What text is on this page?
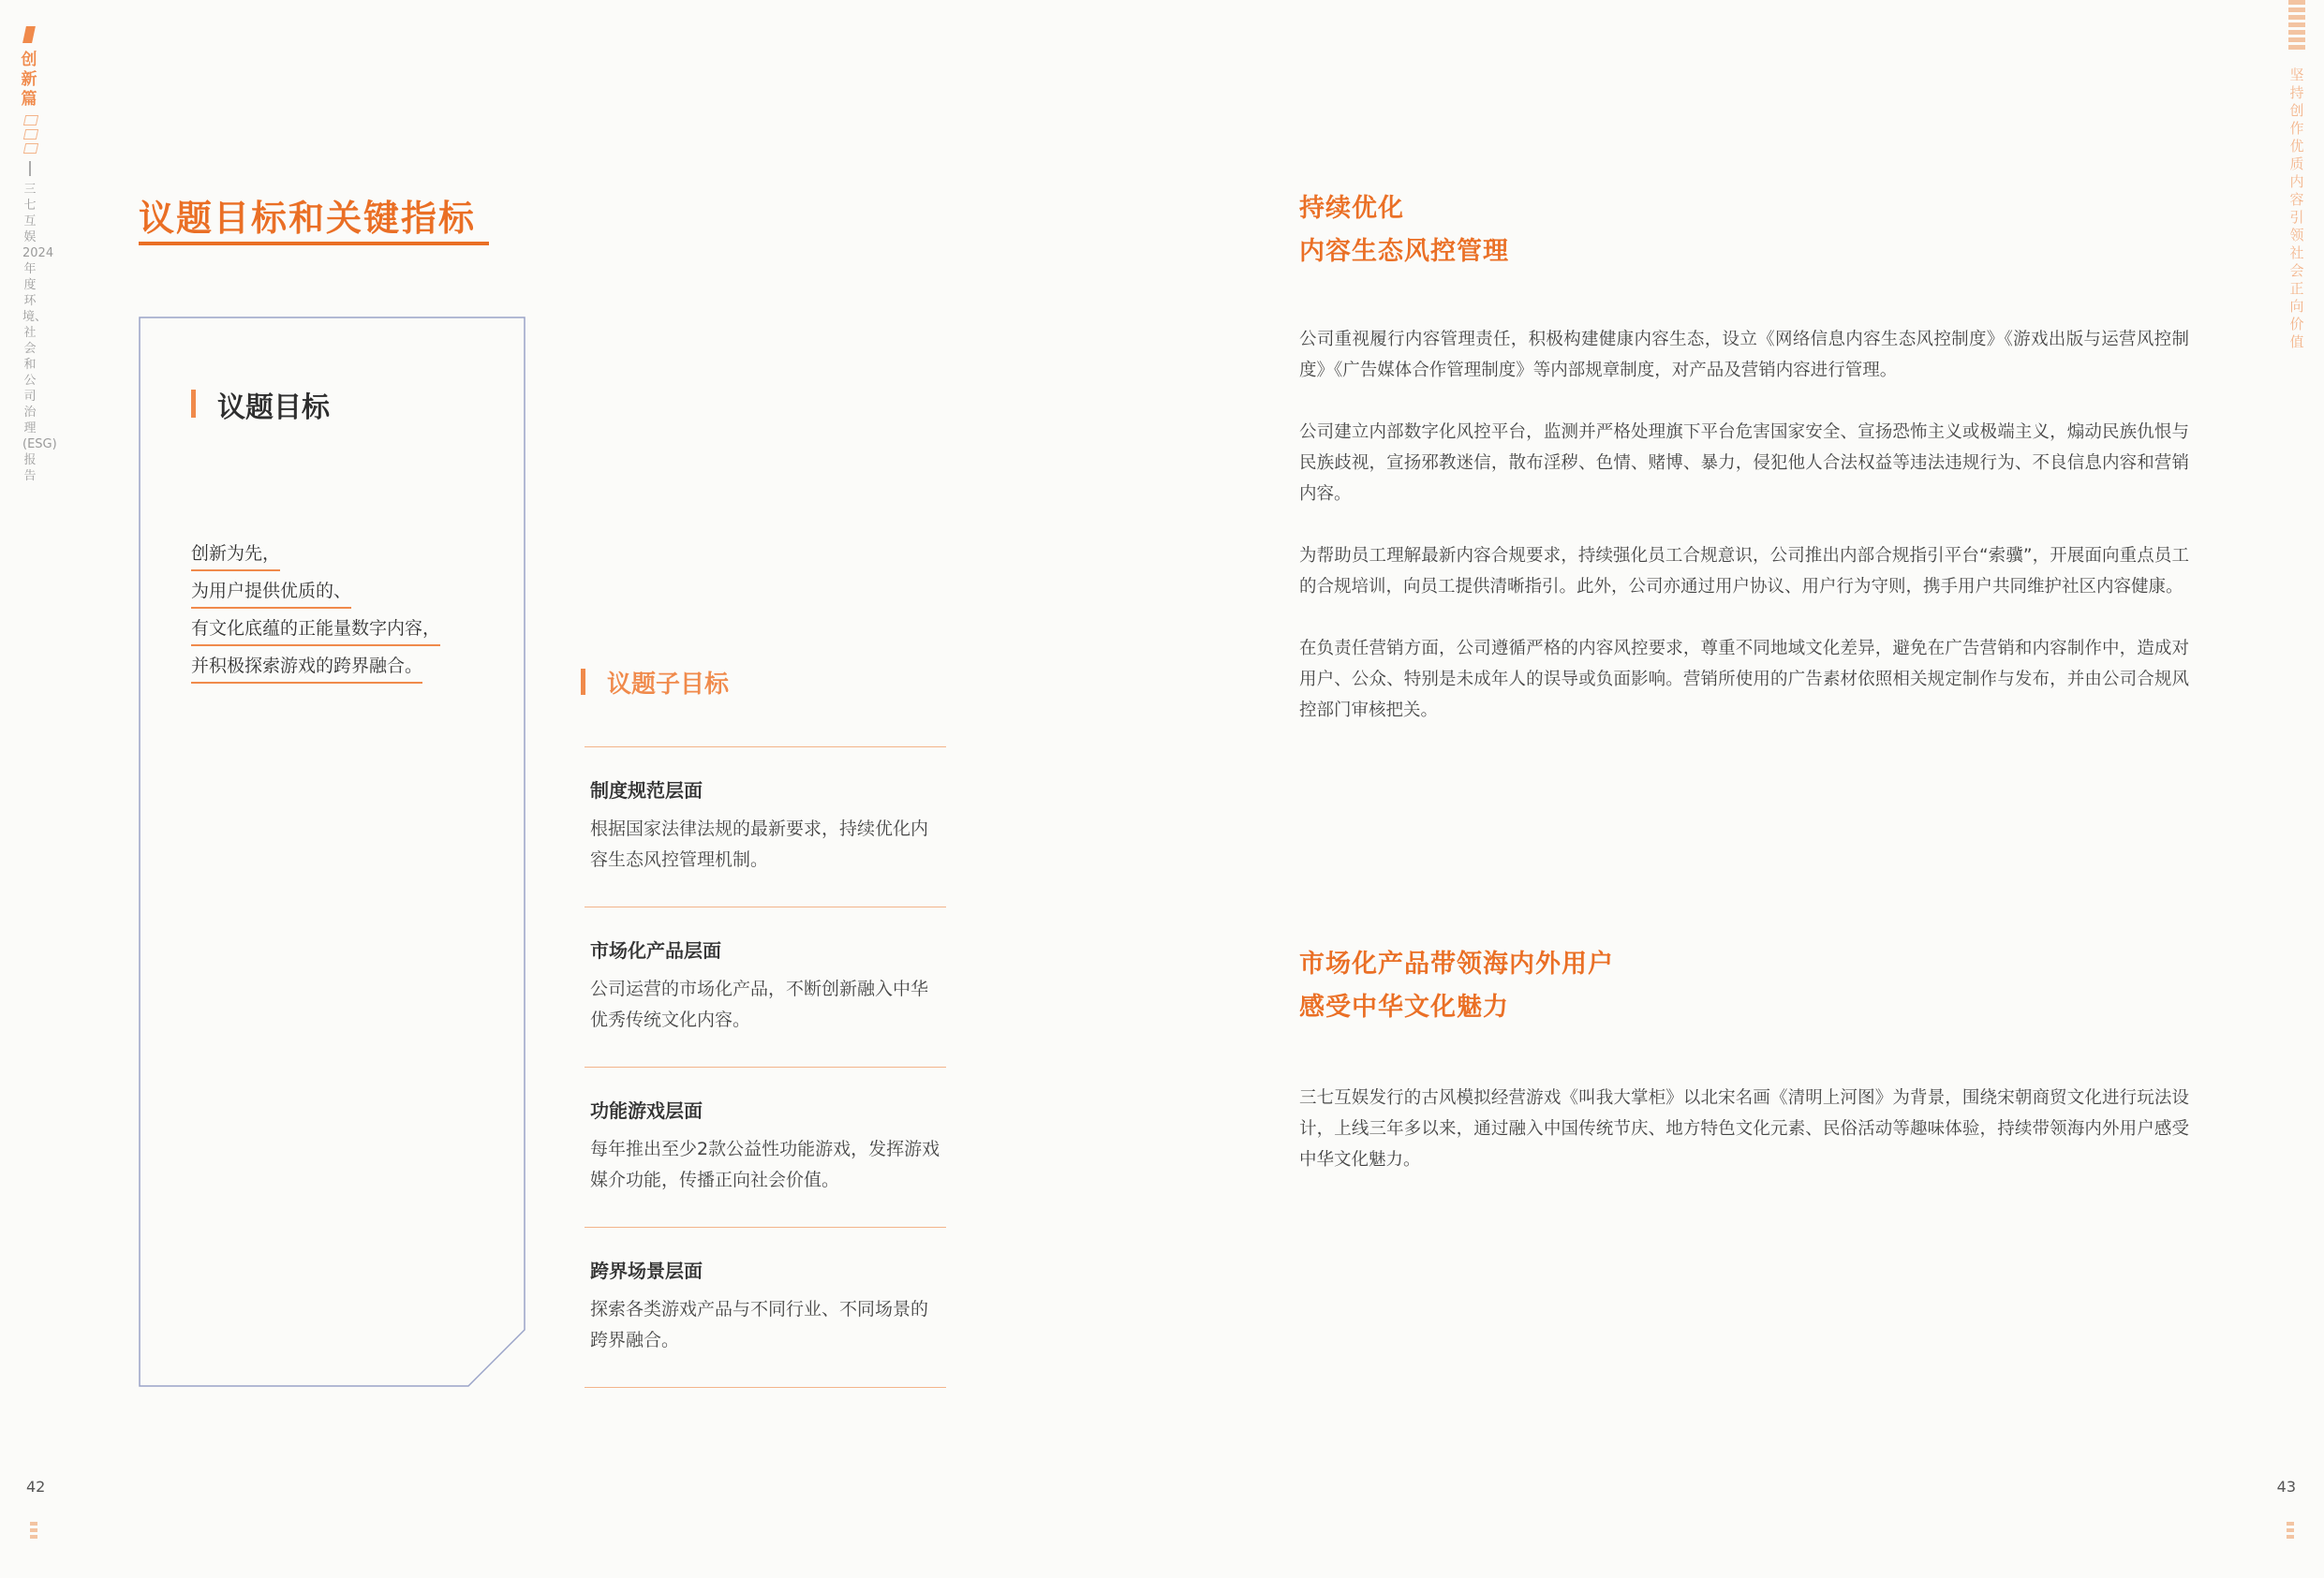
创新篇
三七互娱2024年度环境、社会和公司治理(ESG)报告
坚持创作优质内容 引领社会正向价值
42	43
议题目标和关键指标
议题目标
创新为先，
为用户提供优质的、
有文化底蕴的正能量数字内容，
并积极探索游戏的跨界融合。
议题子目标
制度规范层面
根据国家法律法规的最新要求，持续优化内容生态风控管理机制。
市场化产品层面
公司运营的市场化产品，不断创新融入中华优秀传统文化内容。
功能游戏层面
每年推出至少2款公益性功能游戏，发挥游戏媒介功能，传播正向社会价值。
跨界场景层面
探索各类游戏产品与不同行业、不同场景的跨界融合。
持续优化
内容生态风控管理

公司重视履行内容管理责任，积极构建健康内容生态，设立《网络信息内容生态风控制度》《游戏出版与运营风控制度》《广告媒体合作管理制度》等内部规章制度，对产品及营销内容进行管理。

公司建立内部数字化风控平台，监测并严格处理旗下平台危害国家安全、宣扬恐怖主义或极端主义，煽动民族仇恨与民族歧视，宣扬邪教迷信，散布淫秽、色情、赌博、暴力，侵犯他人合法权益等违法违规行为、不良信息内容和营销内容。

为帮助员工理解最新内容合规要求，持续强化员工合规意识，公司推出内部合规指引平台“索骥”，开展面向重点员工的合规培训，向员工提供清晰指引。此外，公司亦通过用户协议、用户行为守则，携手用户共同维护社区内容健康。

在负责任营销方面，公司遵循严格的内容风控要求，尊重不同地域文化差异，避免在广告营销和内容制作中，造成对用户、公众、特别是未成年人的误导或负面影响。营销所使用的广告素材依照相关规定制作与发布，并由公司合规风控部门审核把关。

市场化产品带领海内外用户
感受中华文化魅力

三七互娱发行的古风模拟经营游戏《叫我大掌柜》以北宋名画《清明上河图》为背景，围绕宋朝商贸文化进行玩法设计，上线三年多以来，通过融入中国传统节庆、地方特色文化元素、民俗活动等趣味体验，持续带领海内外用户感受中华文化魅力。
